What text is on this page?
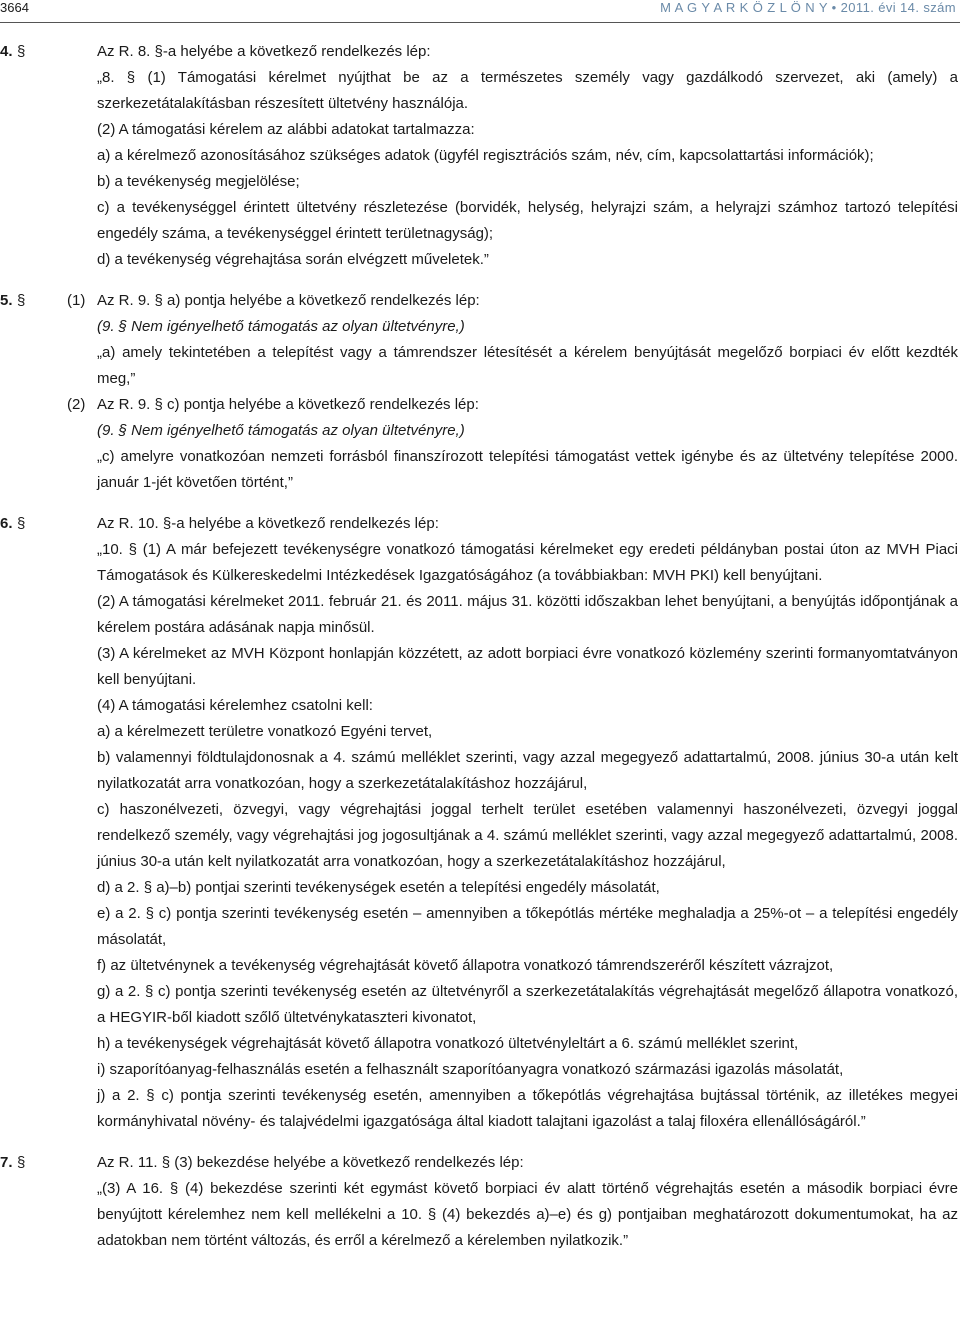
3664	M A G Y A R K Ö Z L Ö N Y • 2011. évi 14. szám
4. §	Az R. 8. §-a helyébe a következő rendelkezés lép:

„8. § (1) Támogatási kérelmet nyújthat be az a természetes személy vagy gazdálkodó szervezet, aki (amely) a szerkezetátalakításban részesített ültetvény használója.

(2) A támogatási kérelem az alábbi adatokat tartalmazza:

a) a kérelmező azonosításához szükséges adatok (ügyfél regisztrációs szám, név, cím, kapcsolattartási információk);

b) a tevékenység megjelölése;

c) a tevékenységgel érintett ültetvény részletezése (borvidék, helység, helyrajzi szám, a helyrajzi számhoz tartozó telepítési engedély száma, a tevékenységgel érintett területnagyság);

d) a tevékenység végrehajtása során elvégzett műveletek.”

5. §	(1) Az R. 9. § a) pontja helyébe a következő rendelkezés lép:

(9. § Nem igényelhető támogatás az olyan ültetvényre,)

„a) amely tekintetében a telepítést vagy a támrendszer létesítését a kérelem benyújtását megelőző borpiaci év előtt kezdték meg,”

(2) Az R. 9. § c) pontja helyébe a következő rendelkezés lép:

(9. § Nem igényelhető támogatás az olyan ültetvényre,)

„c) amelyre vonatkozóan nemzeti forrásból finanszírozott telepítési támogatást vettek igénybe és az ültetvény telepítése 2000. január 1-jét követően történt,”

6. §	Az R. 10. §-a helyébe a következő rendelkezés lép:

„10. § (1) A már befejezett tevékenységre vonatkozó támogatási kérelmeket egy eredeti példányban postai úton az MVH Piaci Támogatások és Külkereskedelmi Intézkedések Igazgatóságához (a továbbiakban: MVH PKI) kell benyújtani.

(2) A támogatási kérelmeket 2011. február 21. és 2011. május 31. közötti időszakban lehet benyújtani, a benyújtás időpontjának a kérelem postára adásának napja minősül.

(3) A kérelmeket az MVH Központ honlapján közzétett, az adott borpiaci évre vonatkozó közlemény szerinti formanyomtatványon kell benyújtani.

(4) A támogatási kérelemhez csatolni kell:

a) a kérelmezett területre vonatkozó Egyéni tervet,

b) valamennyi földtulajdonosnak a 4. számú melléklet szerinti, vagy azzal megegyező adattartalmú, 2008. június 30-a után kelt nyilatkozatát arra vonatkozóan, hogy a szerkezetátalakításhoz hozzájárul,

c) haszonélvezeti, özvegyi, vagy végrehajtási joggal terhelt terület esetében valamennyi haszonélvezeti, özvegyi joggal rendelkező személy, vagy végrehajtási jog jogosultjának a 4. számú melléklet szerinti, vagy azzal megegyező adattartalmú, 2008. június 30-a után kelt nyilatkozatát arra vonatkozóan, hogy a szerkezetátalakításhoz hozzájárul,

d) a 2. § a)–b) pontjai szerinti tevékenységek esetén a telepítési engedély másolatát,

e) a 2. § c) pontja szerinti tevékenység esetén – amennyiben a tőkepótlás mértéke meghaladja a 25%-ot – a telepítési engedély másolatát,

f) az ültetvénynek a tevékenység végrehajtását követő állapotra vonatkozó támrendszeréről készített vázrajzot,

g) a 2. § c) pontja szerinti tevékenység esetén az ültetvényről a szerkezetátalakítás végrehajtását megelőző állapotra vonatkozó, a HEGYIR-ből kiadott szőlő ültetvénykataszteri kivonatot,

h) a tevékenységek végrehajtását követő állapotra vonatkozó ültetvényleltárt a 6. számú melléklet szerint,

i) szaporítóanyag-felhasználás esetén a felhasznált szaporítóanyagra vonatkozó származási igazolás másolatát,

j) a 2. § c) pontja szerinti tevékenység esetén, amennyiben a tőkepótlás végrehajtása bujtással történik, az illetékes megyei kormányhivatal növény- és talajvédelmi igazgatósága által kiadott talajtani igazolást a talaj filoxéra ellenállóságáról.”

7. §	Az R. 11. § (3) bekezdése helyébe a következő rendelkezés lép:

„(3) A 16. § (4) bekezdése szerinti két egymást követő borpiaci év alatt történő végrehajtás esetén a második borpiaci évre benyújtott kérelemhez nem kell mellékelni a 10. § (4) bekezdés a)–e) és g) pontjaiban meghatározott dokumentumokat, ha az adatokban nem történt változás, és erről a kérelmező a kérelemben nyilatkozik.”
